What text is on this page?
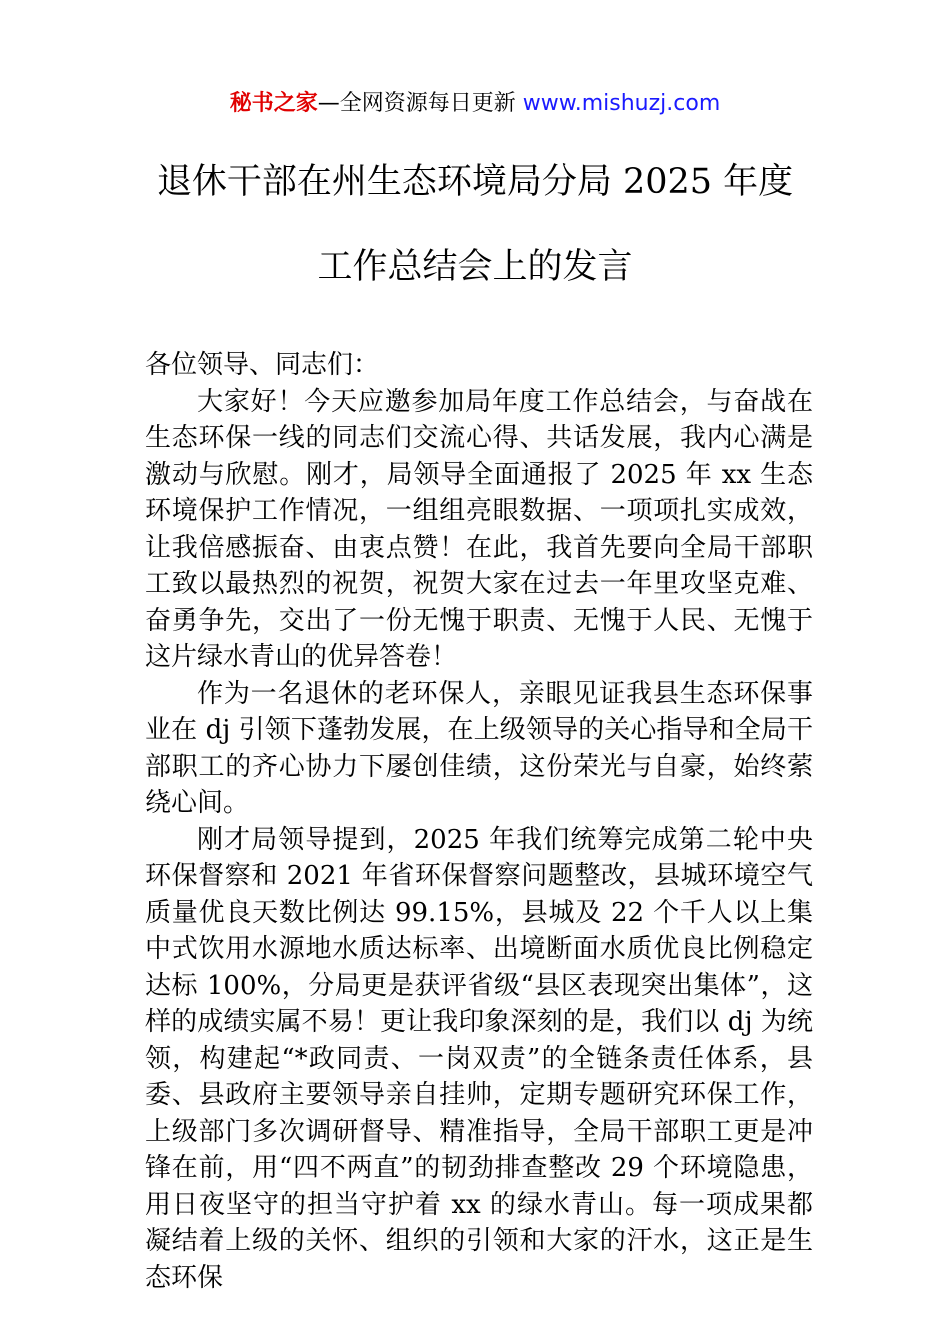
秘书之家—全网资源每日更新 www.mishuzj.com
退休干部在州生态环境局分局 2025 年度
工作总结会上的发言

各位领导、同志们：

大家好！今天应邀参加局年度工作总结会，与奋战在生态环保一线的同志们交流心得、共话发展，我内心满是激动与欣慰。刚才，局领导全面通报了 2025 年 xx 生态环境保护工作情况，一组组亮眼数据、一项项扎实成效，让我倍感振奋、由衷点赞！在此，我首先要向全局干部职工致以最热烈的祝贺，祝贺大家在过去一年里攻坚克难、奋勇争先，交出了一份无愧于职责、无愧于人民、无愧于这片绿水青山的优异答卷！

作为一名退休的老环保人，亲眼见证我县生态环保事业在 dj 引领下蓬勃发展，在上级领导的关心指导和全局干部职工的齐心协力下屡创佳绩，这份荣光与自豪，始终萦绕心间。

刚才局领导提到，2025 年我们统筹完成第二轮中央环保督察和 2021 年省环保督察问题整改，县城环境空气质量优良天数比例达 99.15%，县城及 22 个千人以上集中式饮用水源地水质达标率、出境断面水质优良比例稳定达标 100%，分局更是获评省级“县区表现突出集体”，这样的成绩实属不易！更让我印象深刻的是，我们以 dj 为统领，构建起“*政同责、一岗双责”的全链条责任体系，县委、县政府主要领导亲自挂帅，定期专题研究环保工作，上级部门多次调研督导、精准指导，全局干部职工更是冲锋在前，用“四不两直”的韧劲排查整改 29 个环境隐患，用日夜坚守的担当守护着 xx 的绿水青山。每一项成果都凝结着上级的关怀、组织的引领和大家的汗水，这正是生态环保
